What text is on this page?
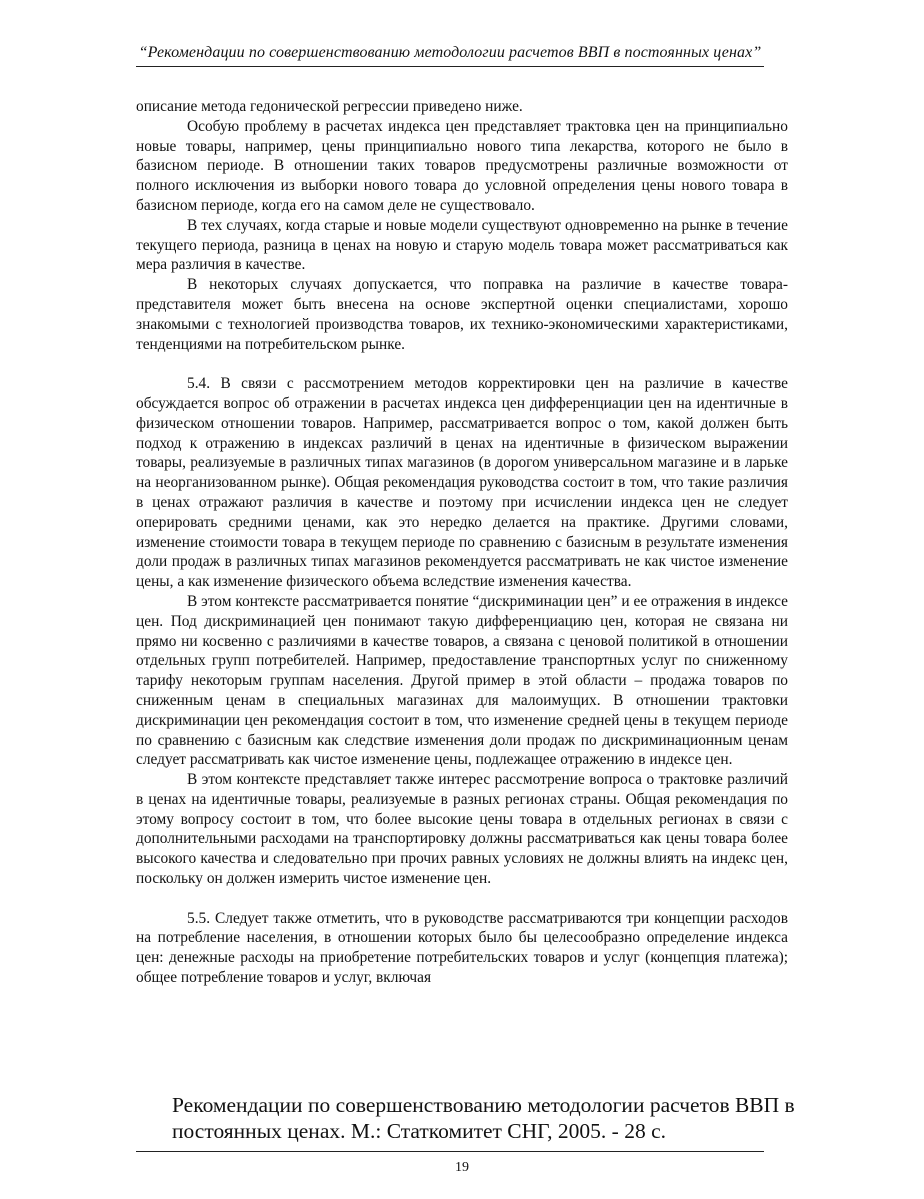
“Рекомендации по совершенствованию методологии расчетов ВВП в постоянных ценах”

описание метода гедонической регрессии приведено ниже.

Особую проблему в расчетах индекса цен представляет трактовка цен на принципиально новые товары, например, цены принципиально нового типа лекарства, которого не было в базисном периоде. В отношении таких товаров предусмотрены различные возможности от полного исключения из выборки нового товара до условной определения цены нового товара в базисном периоде, когда его на самом деле не существовало.

В тех случаях, когда старые и новые модели существуют одновременно на рынке в течение текущего периода, разница в ценах на новую и старую модель товара может рассматриваться как мера различия в качестве.

В некоторых случаях допускается, что поправка на различие в качестве товара-представителя может быть внесена на основе экспертной оценки специалистами, хорошо знакомыми с технологией производства товаров, их технико-экономическими характеристиками, тенденциями на потребительском рынке.

5.4. В связи с рассмотрением методов корректировки цен на различие в качестве обсуждается вопрос об отражении в расчетах индекса цен дифференциации цен на идентичные в физическом отношении товаров. Например, рассматривается вопрос о том, какой должен быть подход к отражению в индексах различий в ценах на идентичные в физическом выражении товары, реализуемые в различных типах магазинов (в дорогом универсальном магазине и в ларьке на неорганизованном рынке). Общая рекомендация руководства состоит в том, что такие различия в ценах отражают различия в качестве и поэтому при исчислении индекса цен не следует оперировать средними ценами, как это нередко делается на практике. Другими словами, изменение стоимости товара в текущем периоде по сравнению с базисным в результате изменения доли продаж в различных типах магазинов рекомендуется рассматривать не как чистое изменение цены, а как изменение физического объема вследствие изменения качества.

В этом контексте рассматривается понятие “дискриминации цен” и ее отражения в индексе цен. Под дискриминацией цен понимают такую дифференциацию цен, которая не связана ни прямо ни косвенно с различиями в качестве товаров, а связана с ценовой политикой в отношении отдельных групп потребителей. Например, предоставление транспортных услуг по сниженному тарифу некоторым группам населения. Другой пример в этой области – продажа товаров по сниженным ценам в специальных магазинах для малоимущих. В отношении трактовки дискриминации цен рекомендация состоит в том, что изменение средней цены в текущем периоде по сравнению с базисным как следствие изменения доли продаж по дискриминационным ценам следует рассматривать как чистое изменение цены, подлежащее отражению в индексе цен.

В этом контексте представляет также интерес рассмотрение вопроса о трактовке различий в ценах на идентичные товары, реализуемые в разных регионах страны. Общая рекомендация по этому вопросу состоит в том, что более высокие цены товара в отдельных регионах в связи с дополнительными расходами на транспортировку должны рассматриваться как цены товара более высокого качества и следовательно при прочих равных условиях не должны влиять на индекс цен, поскольку он должен измерить чистое изменение цен.

5.5. Следует также отметить, что в руководстве рассматриваются три концепции расходов на потребление населения, в отношении которых было бы целесообразно определение индекса цен: денежные расходы на приобретение потребительских товаров и услуг (концепция платежа); общее потребление товаров и услуг, включая

Рекомендации по совершенствованию методологии расчетов ВВП в постоянных ценах. М.: Статкомитет СНГ, 2005. - 28 с.
19
